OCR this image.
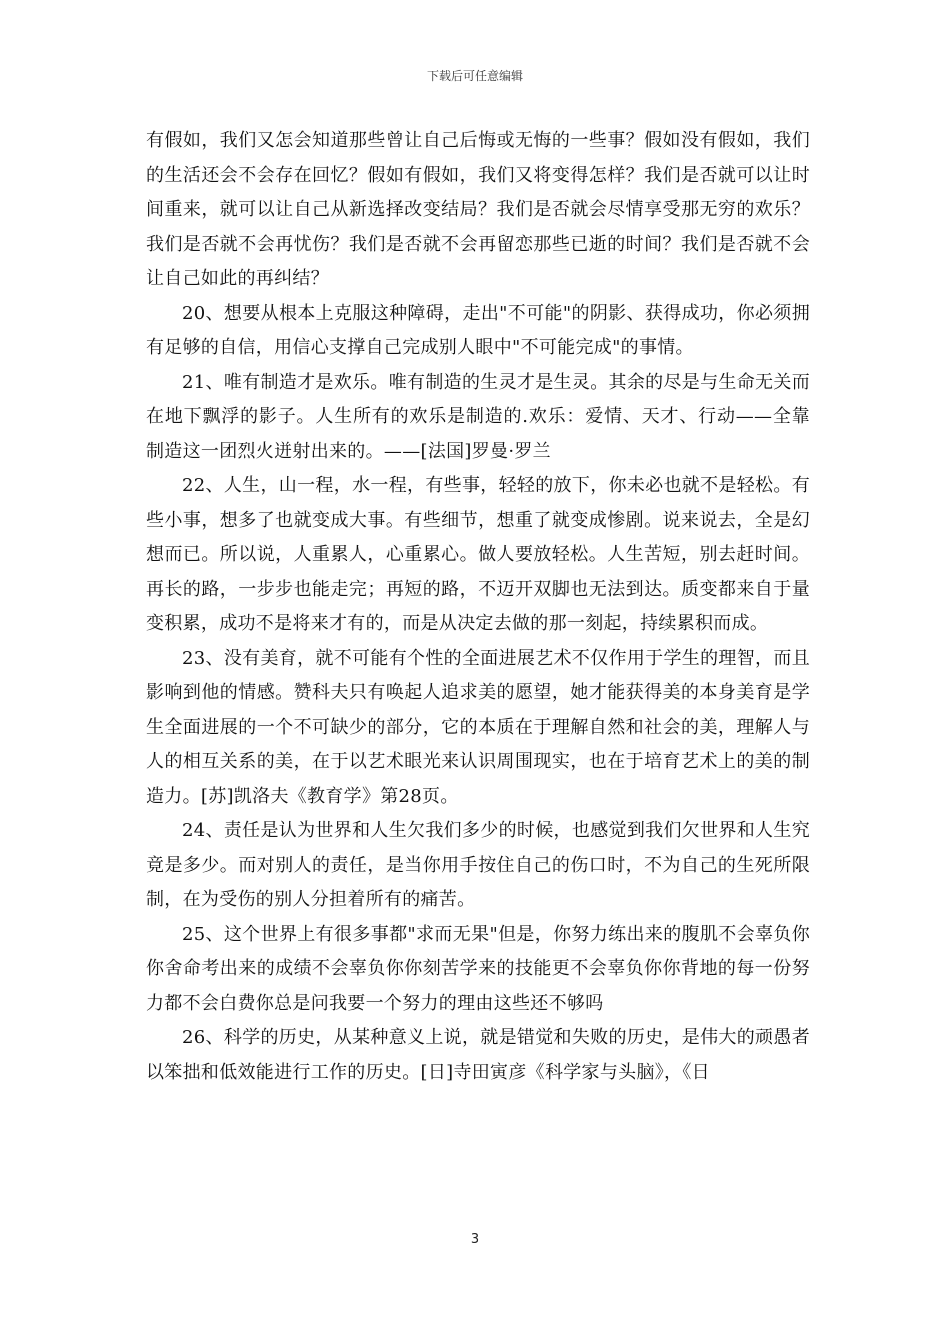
下载后可任意编辑

有假如，我们又怎会知道那些曾让自己后悔或无悔的一些事？假如没有假如，我们的生活还会不会存在回忆？假如有假如，我们又将变得怎样？我们是否就可以让时间重来，就可以让自己从新选择改变结局？我们是否就会尽情享受那无穷的欢乐？我们是否就不会再忧伤？我们是否就不会再留恋那些已逝的时间？我们是否就不会让自己如此的再纠结？

20、想要从根本上克服这种障碍，走出"不可能"的阴影、获得成功，你必须拥有足够的自信，用信心支撑自己完成别人眼中"不可能完成"的事情。

21、唯有制造才是欢乐。唯有制造的生灵才是生灵。其余的尽是与生命无关而在地下飘浮的影子。人生所有的欢乐是制造的.欢乐：爱情、天才、行动——全靠制造这一团烈火迸射出来的。——[法国]罗曼·罗兰

22、人生，山一程，水一程，有些事，轻轻的放下，你未必也就不是轻松。有些小事，想多了也就变成大事。有些细节，想重了就变成惨剧。说来说去，全是幻想而已。所以说，人重累人，心重累心。做人要放轻松。人生苦短，别去赶时间。再长的路，一步步也能走完；再短的路，不迈开双脚也无法到达。质变都来自于量变积累，成功不是将来才有的，而是从决定去做的那一刻起，持续累积而成。

23、没有美育，就不可能有个性的全面进展艺术不仅作用于学生的理智，而且影响到他的情感。赞科夫只有唤起人追求美的愿望，她才能获得美的本身美育是学生全面进展的一个不可缺少的部分，它的本质在于理解自然和社会的美，理解人与人的相互关系的美，在于以艺术眼光来认识周围现实，也在于培育艺术上的美的制造力。[苏]凯洛夫《教育学》第28页。

24、责任是认为世界和人生欠我们多少的时候，也感觉到我们欠世界和人生究竟是多少。而对别人的责任，是当你用手按住自己的伤口时，不为自己的生死所限制，在为受伤的别人分担着所有的痛苦。

25、这个世界上有很多事都"求而无果"但是，你努力练出来的腹肌不会辜负你你舍命考出来的成绩不会辜负你你刻苦学来的技能更不会辜负你你背地的每一份努力都不会白费你总是问我要一个努力的理由这些还不够吗

26、科学的历史，从某种意义上说，就是错觉和失败的历史，是伟大的顽愚者以笨拙和低效能进行工作的历史。[日]寺田寅彦《科学家与头脑》，《日

3
